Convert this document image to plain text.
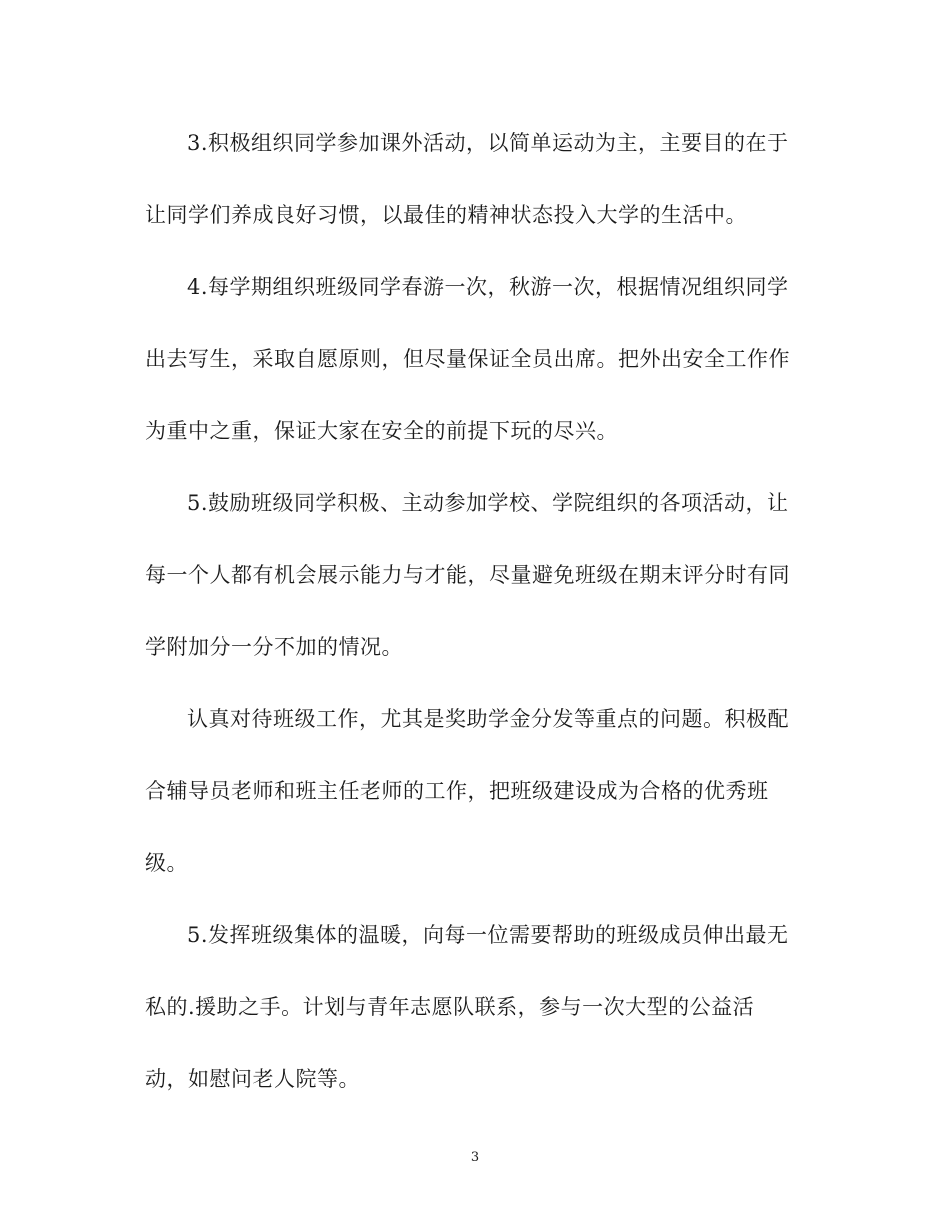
3.积极组织同学参加课外活动，以简单运动为主，主要目的在于
让同学们养成良好习惯，以最佳的精神状态投入大学的生活中。
4.每学期组织班级同学春游一次，秋游一次，根据情况组织同学
出去写生，采取自愿原则，但尽量保证全员出席。把外出安全工作作
为重中之重，保证大家在安全的前提下玩的尽兴。
5.鼓励班级同学积极、主动参加学校、学院组织的各项活动，让
每一个人都有机会展示能力与才能，尽量避免班级在期末评分时有同
学附加分一分不加的情况。
认真对待班级工作，尤其是奖助学金分发等重点的问题。积极配
合辅导员老师和班主任老师的工作，把班级建设成为合格的优秀班
级。
5.发挥班级集体的温暖，向每一位需要帮助的班级成员伸出最无
私的.援助之手。计划与青年志愿队联系，参与一次大型的公益活
动，如慰问老人院等。
3
